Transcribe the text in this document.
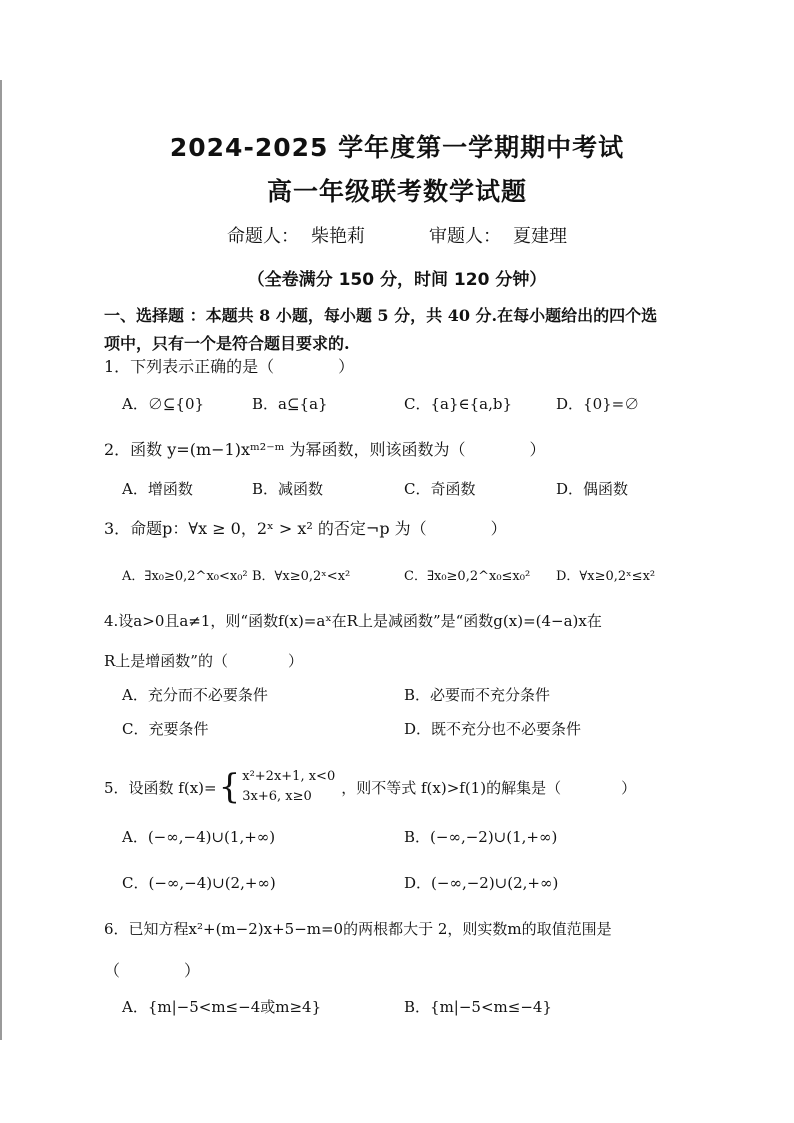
2024-2025 学年度第一学期期中考试
高一年级联考数学试题
命题人： 柴艳莉	审题人： 夏建理
（全卷满分 150 分，时间 120 分钟）
一、选择题 ：本题共 8 小题，每小题 5 分，共 40 分.在每小题给出的四个选
项中，只有一个是符合题目要求的.
1．下列表示正确的是（　　　　）
A．∅⊆{0}	B．a⊆{a}	C．{a}∈{a,b}	D．{0}=∅
2．函数 y=(m−1)xᵐ²⁻ᵐ 为幂函数，则该函数为（　　　　）
A．增函数	B．减函数	C．奇函数	D．偶函数
3．命题p：∀x ≥ 0，2ˣ > x² 的否定¬p 为（　　　　）
A．∃x₀≥0,2^x₀<x₀² B．∀x≥0,2ˣ<x²	C．∃x₀≥0,2^x₀≤x₀² D．∀x≥0,2ˣ≤x²
4.设a>0且a≠1，则“函数f(x)=aˣ在R上是减函数”是“函数g(x)=(4−a)x在
R上是增函数”的（　　　　）
A．充分而不必要条件	B．必要而不充分条件
C．充要条件	D．既不充分也不必要条件
5．设函数 f(x)= { x²+2x+1, x<0
3x+6, x≥0	，则不等式 f(x)>f(1)的解集是（　　　　）
A．(−∞,−4)∪(1,+∞)	B．(−∞,−2)∪(1,+∞)
C．(−∞,−4)∪(2,+∞)	D．(−∞,−2)∪(2,+∞)
6．已知方程x²+(m−2)x+5−m=0的两根都大于 2，则实数m的取值范围是
（　　　　）
A．{m|−5<m≤−4或m≥4}	B．{m|−5<m≤−4}
